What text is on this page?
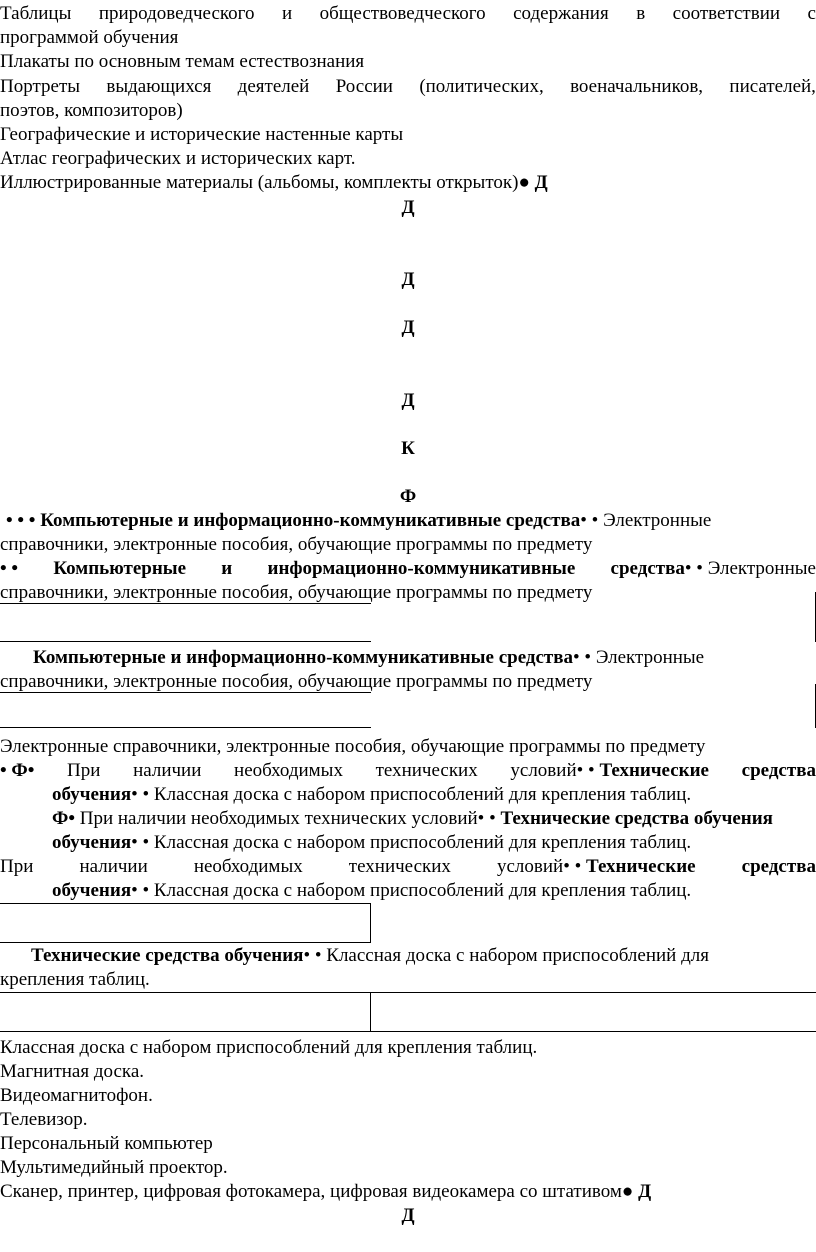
Таблицы природоведческого и обществоведческого содержания в соответствии с
программой обучения
Плакаты по основным темам естествознания
Портреты выдающихся деятелей России (политических, военачальников, писателей,
поэтов, композиторов)
Географические и исторические настенные карты
Атлас географических и исторических карт.
Иллюстрированные материалы (альбомы, комплекты открыток)● Д
Д
Д
Д
Д
К
Ф
• • • Компьютерные и информационно-коммуникативные средства• • Электронные
справочники, электронные пособия, обучающие программы по предмету
• • Компьютерные и информационно-коммуникативные средства• • Электронные
справочники, электронные пособия, обучающие программы по предмету
Компьютерные и информационно-коммуникативные средства• • Электронные
справочники, электронные пособия, обучающие программы по предмету
Электронные справочники, электронные пособия, обучающие программы по предмету
• Ф• При наличии необходимых технических условий• • Технические средства
обучения• • Классная доска с набором приспособлений для крепления таблиц.
Ф• При наличии необходимых технических условий• • Технические средства обучения
обучения• • Классная доска с набором приспособлений для крепления таблиц.
При наличии необходимых технических условий• • Технические средства
обучения• • Классная доска с набором приспособлений для крепления таблиц.
Технические средства обучения• • Классная доска с набором приспособлений для
крепления таблиц.
Классная доска с набором приспособлений для крепления таблиц.
Магнитная доска.
Видеомагнитофон.
Телевизор.
Персональный компьютер
Мультимедийный проектор.
Сканер, принтер, цифровая фотокамера, цифровая видеокамера со штативом● Д
Д
